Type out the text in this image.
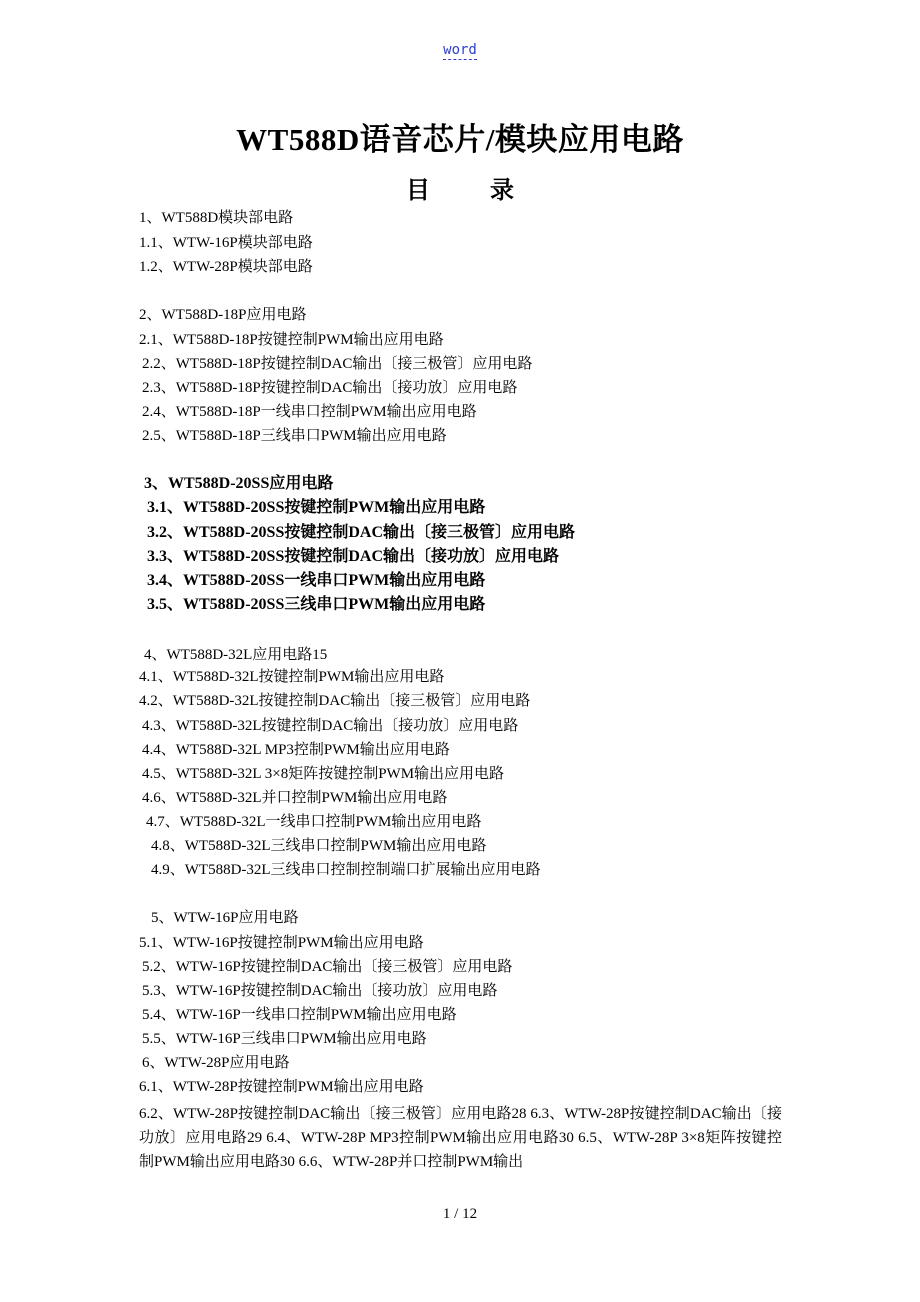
word
WT588D语音芯片/模块应用电路
目 录
1、WT588D模块部电路
1.1、WTW-16P模块部电路
1.2、WTW-28P模块部电路
2、WT588D-18P应用电路
2.1、WT588D-18P按键控制PWM输出应用电路
2.2、WT588D-18P按键控制DAC输出〔接三极管〕应用电路
2.3、WT588D-18P按键控制DAC输出〔接功放〕应用电路
2.4、WT588D-18P一线串口控制PWM输出应用电路
2.5、WT588D-18P三线串口PWM输出应用电路
3、WT588D-20SS应用电路
3.1、WT588D-20SS按键控制PWM输出应用电路
3.2、WT588D-20SS按键控制DAC输出〔接三极管〕应用电路
3.3、WT588D-20SS按键控制DAC输出〔接功放〕应用电路
3.4、WT588D-20SS一线串口PWM输出应用电路
3.5、WT588D-20SS三线串口PWM输出应用电路
4、WT588D-32L应用电路15
4.1、WT588D-32L按键控制PWM输出应用电路
4.2、WT588D-32L按键控制DAC输出〔接三极管〕应用电路
4.3、WT588D-32L按键控制DAC输出〔接功放〕应用电路
4.4、WT588D-32L MP3控制PWM输出应用电路
4.5、WT588D-32L 3×8矩阵按键控制PWM输出应用电路
4.6、WT588D-32L并口控制PWM输出应用电路
4.7、WT588D-32L一线串口控制PWM输出应用电路
4.8、WT588D-32L三线串口控制PWM输出应用电路
4.9、WT588D-32L三线串口控制控制端口扩展输出应用电路
5、WTW-16P应用电路
5.1、WTW-16P按键控制PWM输出应用电路
5.2、WTW-16P按键控制DAC输出〔接三极管〕应用电路
5.3、WTW-16P按键控制DAC输出〔接功放〕应用电路
5.4、WTW-16P一线串口控制PWM输出应用电路
5.5、WTW-16P三线串口PWM输出应用电路
6、WTW-28P应用电路
6.1、WTW-28P按键控制PWM输出应用电路
6.2、WTW-28P按键控制DAC输出〔接三极管〕应用电路28 6.3、WTW-28P按键控制DAC输出〔接功放〕应用电路29 6.4、WTW-28P MP3控制PWM输出应用电路30 6.5、WTW-28P 3×8矩阵按键控制PWM输出应用电路30 6.6、WTW-28P并口控制PWM输出
1 / 12
